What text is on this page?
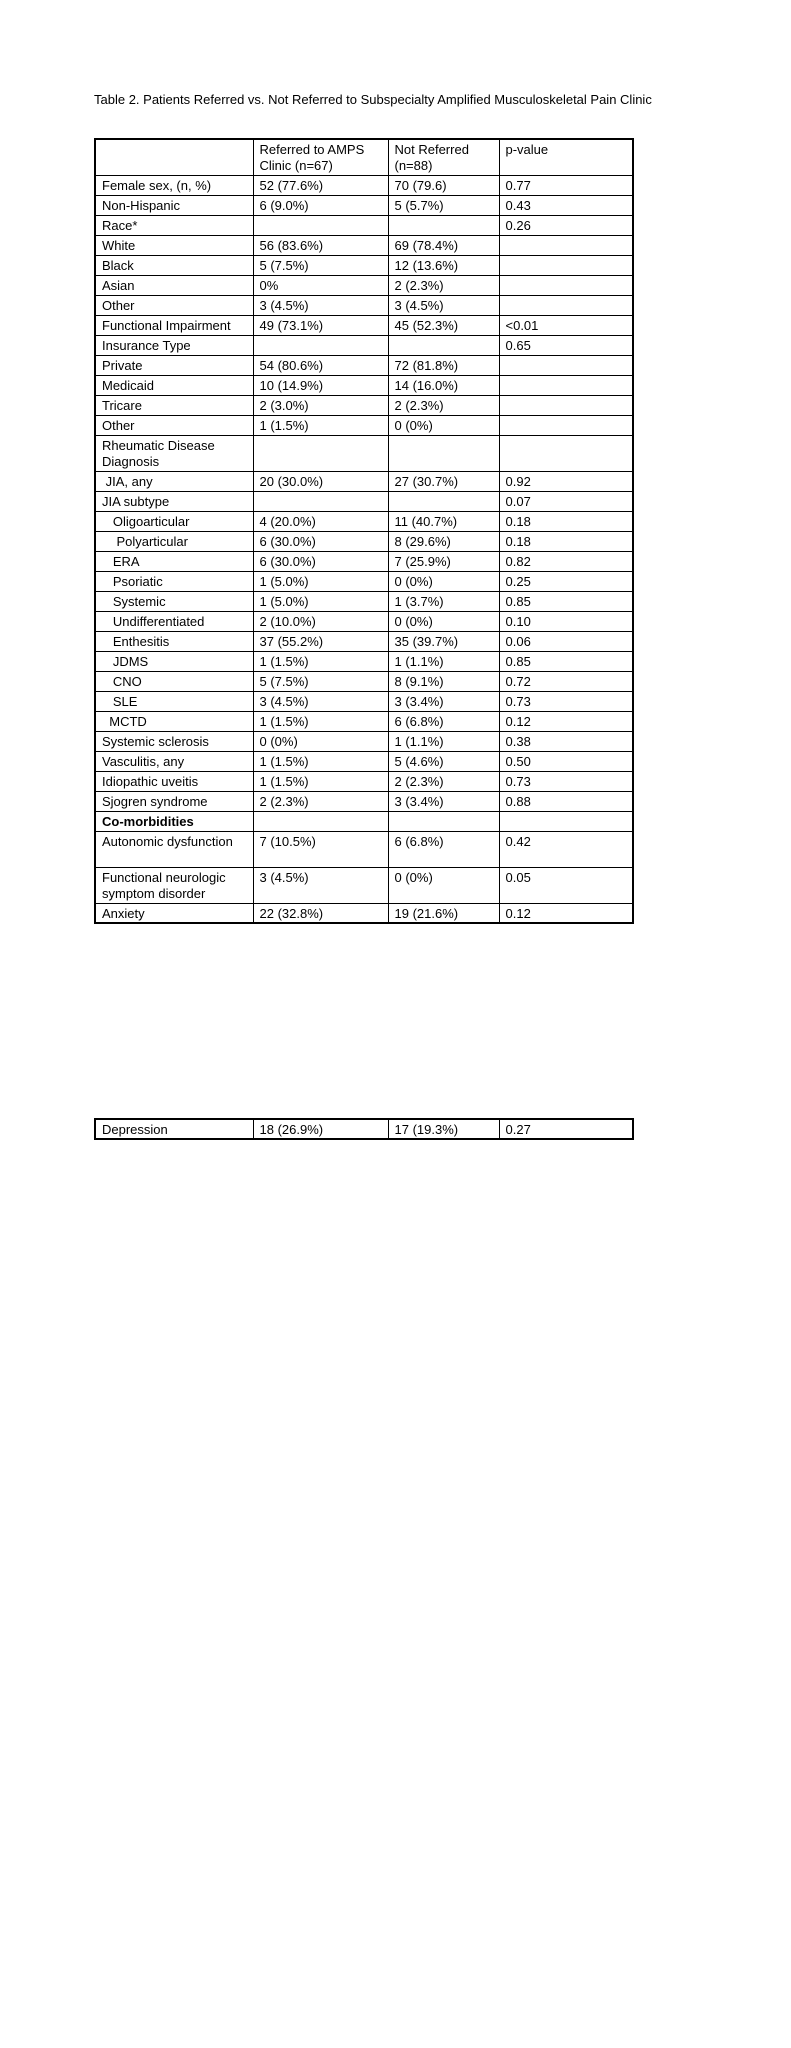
Table 2. Patients Referred vs. Not Referred to Subspecialty Amplified Musculoskeletal Pain Clinic
	Referred to AMPS Clinic (n=67)	Not Referred (n=88)	p-value
Female sex, (n, %)	52 (77.6%)	70 (79.6)	0.77
Non-Hispanic	6 (9.0%)	5 (5.7%)	0.43
Race*			0.26
White	56 (83.6%)	69 (78.4%)	
Black	5 (7.5%)	12 (13.6%)	
Asian	0%	2 (2.3%)	
Other	3 (4.5%)	3 (4.5%)	
Functional Impairment	49 (73.1%)	45 (52.3%)	<0.01
Insurance Type			0.65
Private	54 (80.6%)	72 (81.8%)	
Medicaid	10 (14.9%)	14 (16.0%)	
Tricare	2 (3.0%)	2 (2.3%)	
Other	1 (1.5%)	0 (0%)	
Rheumatic Disease Diagnosis			
JIA, any	20 (30.0%)	27 (30.7%)	0.92
JIA subtype			0.07
Oligoarticular	4 (20.0%)	11 (40.7%)	0.18
Polyarticular	6 (30.0%)	8 (29.6%)	0.18
ERA	6 (30.0%)	7 (25.9%)	0.82
Psoriatic	1 (5.0%)	0 (0%)	0.25
Systemic	1 (5.0%)	1 (3.7%)	0.85
Undifferentiated	2 (10.0%)	0 (0%)	0.10
Enthesitis	37 (55.2%)	35 (39.7%)	0.06
JDMS	1 (1.5%)	1 (1.1%)	0.85
CNO	5 (7.5%)	8 (9.1%)	0.72
SLE	3 (4.5%)	3 (3.4%)	0.73
MCTD	1 (1.5%)	6 (6.8%)	0.12
Systemic sclerosis	0 (0%)	1 (1.1%)	0.38
Vasculitis, any	1 (1.5%)	5 (4.6%)	0.50
Idiopathic uveitis	1 (1.5%)	2 (2.3%)	0.73
Sjogren syndrome	2 (2.3%)	3 (3.4%)	0.88
Co-morbidities			
Autonomic dysfunction	7 (10.5%)	6 (6.8%)	0.42
Functional neurologic symptom disorder	3 (4.5%)	0 (0%)	0.05
Anxiety	22 (32.8%)	19 (21.6%)	0.12
Depression	18 (26.9%)	17 (19.3%)	0.27
